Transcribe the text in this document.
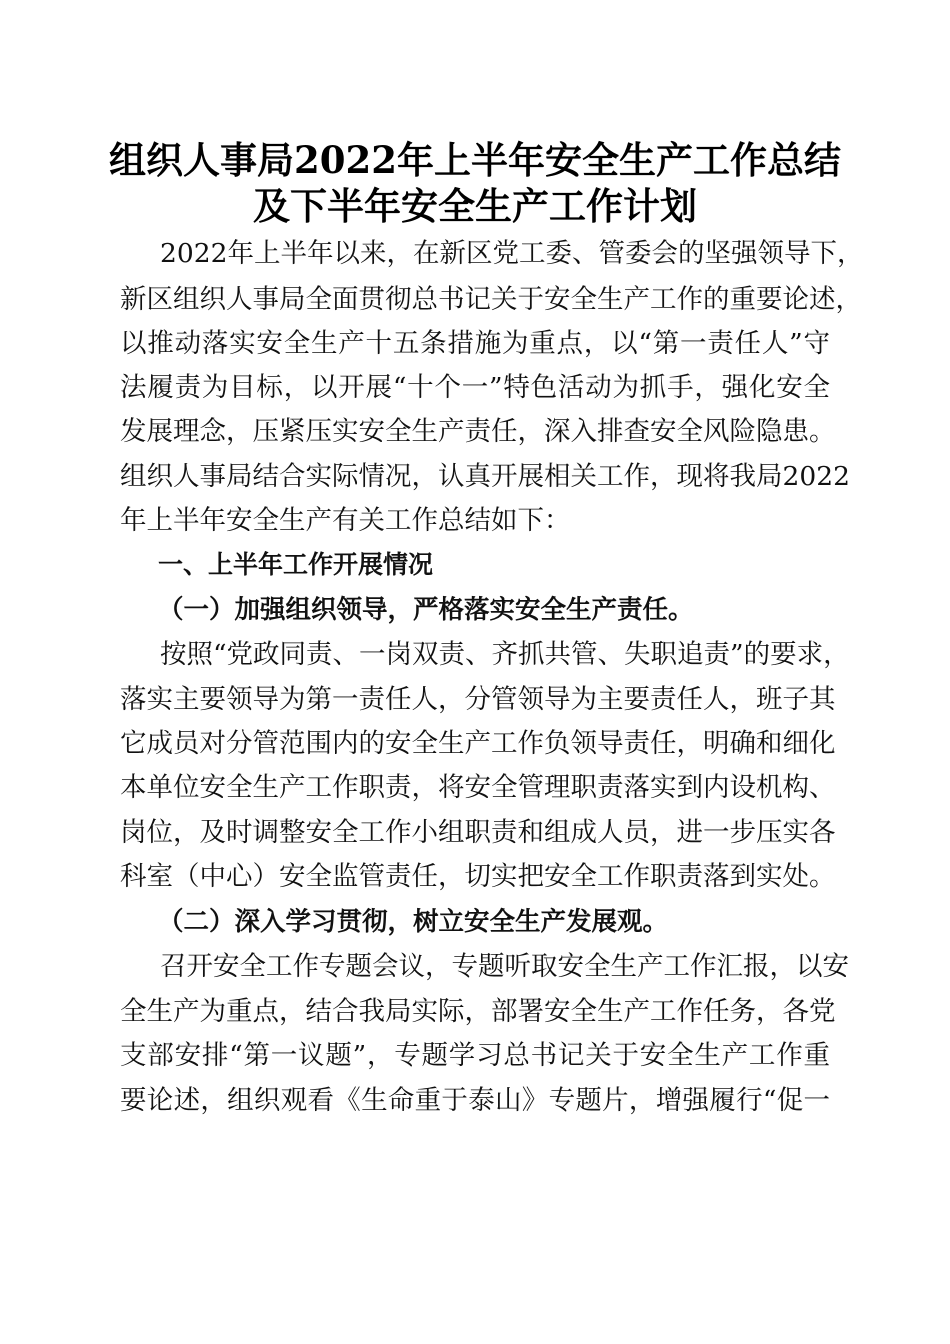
组织人事局2022年上半年安全生产工作总结
及下半年安全生产工作计划
2022年上半年以来，在新区党工委、管委会的坚强领导下，
新区组织人事局全面贯彻总书记关于安全生产工作的重要论述，
以推动落实安全生产十五条措施为重点，以“第一责任人”守
法履责为目标，以开展“十个一”特色活动为抓手，强化安全
发展理念，压紧压实安全生产责任，深入排查安全风险隐患。
组织人事局结合实际情况，认真开展相关工作，现将我局2022
年上半年安全生产有关工作总结如下：
一、上半年工作开展情况
（一）加强组织领导，严格落实安全生产责任。
按照“党政同责、一岗双责、齐抓共管、失职追责”的要求，
落实主要领导为第一责任人，分管领导为主要责任人，班子其
它成员对分管范围内的安全生产工作负领导责任，明确和细化
本单位安全生产工作职责，将安全管理职责落实到内设机构、
岗位，及时调整安全工作小组职责和组成人员，进一步压实各
科室（中心）安全监管责任，切实把安全工作职责落到实处。
（二）深入学习贯彻，树立安全生产发展观。
召开安全工作专题会议，专题听取安全生产工作汇报，以安
全生产为重点，结合我局实际，部署安全生产工作任务，各党
支部安排“第一议题”，专题学习总书记关于安全生产工作重
要论述，组织观看《生命重于泰山》专题片，增强履行“促一
